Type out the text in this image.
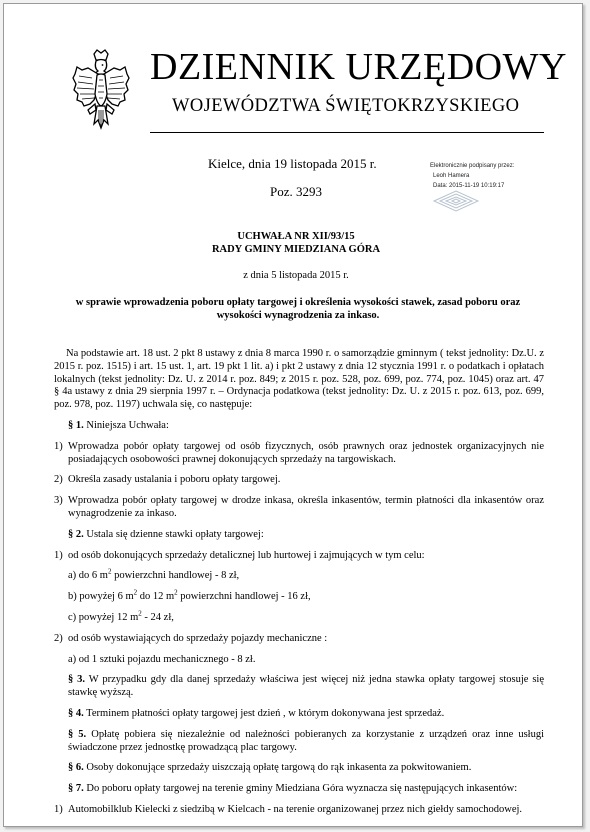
DZIENNIK URZĘDOWY
WOJEWÓDZTWA ŚWIĘTOKRZYSKIEGO
Kielce, dnia 19 listopada 2015 r.
Poz. 3293
Elektronicznie podpisany przez:
Leoh Hamera
Data: 2015-11-19 10:19:17
UCHWAŁA NR XII/93/15
RADY GMINY MIEDZIANA GÓRA
z dnia 5 listopada 2015 r.
w sprawie wprowadzenia poboru opłaty targowej i określenia wysokości stawek, zasad poboru oraz wysokości wynagrodzenia za inkaso.

Na podstawie art. 18 ust. 2 pkt 8 ustawy z dnia 8 marca 1990 r. o samorządzie gminnym ( tekst jednolity: Dz.U. z 2015 r. poz. 1515) i art. 15 ust. 1, art. 19 pkt 1 lit. a) i pkt 2 ustawy z dnia 12 stycznia 1991 r. o podatkach i opłatach lokalnych (tekst jednolity: Dz. U. z 2014 r. poz. 849; z 2015 r. poz. 528, poz. 699, poz. 774, poz. 1045) oraz art. 47 § 4a ustawy z dnia 29 sierpnia 1997 r. – Ordynacja podatkowa (tekst jednolity: Dz. U. z 2015 r. poz. 613, poz. 699, poz. 978, poz. 1197) uchwala się, co następuje:

§ 1. Niniejsza Uchwała:

1) Wprowadza pobór opłaty targowej od osób fizycznych, osób prawnych oraz jednostek organizacyjnych nie posiadających osobowości prawnej dokonujących sprzedaży na targowiskach.

2) Określa zasady ustalania i poboru opłaty targowej.

3) Wprowadza pobór opłaty targowej w drodze inkasa, określa inkasentów, termin płatności dla inkasentów oraz wynagrodzenie za inkaso.

§ 2. Ustala się dzienne stawki opłaty targowej:

1) od osób dokonujących sprzedaży detalicznej lub hurtowej i zajmujących w tym celu:

a) do 6 $m^2$ powierzchni handlowej - 8 zł,

b) powyżej 6 $m^2$ do 12 $m^2$ powierzchni handlowej - 16 zł,

c) powyżej 12 $m^2 - 24$ zł,

2) od osób wystawiających do sprzedaży pojazdy mechaniczne :

a) od 1 sztuki pojazdu mechanicznego - 8 zł.

§ 3. W przypadku gdy dla danej sprzedaży właściwa jest więcej niż jedna stawka opłaty targowej stosuje się stawkę wyższą.

§ 4. Terminem płatności opłaty targowej jest dzień , w którym dokonywana jest sprzedaż.

§ 5. Opłatę pobiera się niezależnie od należności pobieranych za korzystanie z urządzeń oraz inne usługi świadczone przez jednostkę prowadzącą plac targowy.

§ 6. Osoby dokonujące sprzedaży uiszczają opłatę targową do rąk inkasenta za pokwitowaniem.

§ 7. Do poboru opłaty targowej na terenie gminy Miedziana Góra wyznacza się następujących inkasentów:

1) Automobilklub Kielecki z siedzibą w Kielcach - na terenie organizowanej przez nich giełdy samochodowej.
